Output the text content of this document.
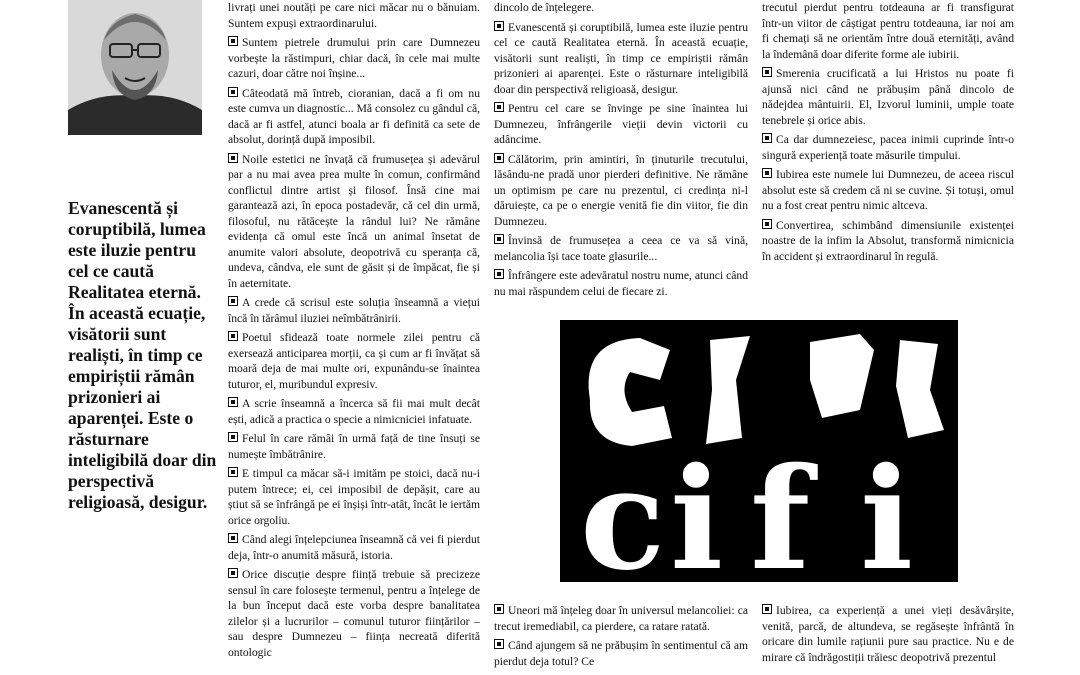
Evanescentă și coruptibilă, lumea este iluzie pentru cel ce caută Realitatea eternă. În această ecuație, visătorii sunt realiști, în timp ce empiriștii rămân prizonieri ai aparenței. Este o răsturnare inteligibilă doar din perspectivă religioasă, desigur.

livrați unei noutăți pe care nici măcar nu o bănuiam. Suntem expuși extraordinarului.

Suntem pietrele drumului prin care Dumnezeu vorbește la răstimpuri, chiar dacă, în cele mai multe cazuri, doar către noi înșine...

Câteodată mă întreb, cioranian, dacă a fi om nu este cumva un diagnostic... Mă consolez cu gândul că, dacă ar fi astfel, atunci boala ar fi definită ca sete de absolut, dorință după imposibil.

Noile estetici ne învață că frumusețea și adevărul par a nu mai avea prea multe în comun, confirmând conflictul dintre artist și filosof. Însă cine mai garantează azi, în epoca postadevăr, că cel din urmă, filosoful, nu rătăcește la rândul lui? Ne rămâne evidența că omul este încă un animal însetat de anumite valori absolute, deopotrivă cu speranța că, undeva, cândva, ele sunt de găsit și de împăcat, fie și în aeternitate.

A crede că scrisul este soluția înseamnă a viețui încă în tărâmul iluziei neîmbătrânirii.

Poetul sfidează toate normele zilei pentru că exersează anticiparea morții, ca și cum ar fi învățat să moară deja de mai multe ori, expunându-se înaintea tuturor, el, muribundul expresiv.

A scrie înseamnă a încerca să fii mai mult decât ești, adică a practica o specie a nimicniciei infatuate.

Felul în care rămâi în urmă față de tine însuți se numește îmbătrânire.

E timpul ca măcar să-i imităm pe stoici, dacă nu-i putem întrece; ei, cei imposibil de depășit, care au știut să se înfrângă pe ei înșiși într-atât, încât le iertăm orice orgoliu.

Când alegi înțelepciunea înseamnă că vei fi pierdut deja, într-o anumită măsură, istoria.

Orice discuție despre ființă trebuie să precizeze sensul în care folosește termenul, pentru a înțelege de la bun început dacă este vorba despre banalitatea zilelor și a lucrurilor – comunul tuturor ființărilor – sau despre Dumnezeu – ființa necreată diferită ontologic

dincolo de înțelegere.

Evanescentă și coruptibilă, lumea este iluzie pentru cel ce caută Realitatea eternă. În această ecuație, visătorii sunt realiști, în timp ce empiriștii rămân prizonieri ai aparenței. Este o răsturnare inteligibilă doar din perspectivă religioasă, desigur.

Pentru cel care se învinge pe sine înaintea lui Dumnezeu, înfrângerile vieții devin victorii cu adâncime.

Călătorim, prin amintiri, în ținuturile trecutului, lăsându-ne pradă unor pierderi definitive. Ne rămâne un optimism pe care nu prezentul, ci credința ni-l dăruiește, ca pe o energie venită fie din viitor, fie din Dumnezeu.

Învinsă de frumusețea a ceea ce va să vină, melancolia își tace toate glasurile...

Înfrângere este adevăratul nostru nume, atunci când nu mai răspundem celui de fiecare zi.

trecutul pierdut pentru totdeauna ar fi transfigurat într-un viitor de câștigat pentru totdeauna, iar noi am fi chemați să ne orientăm între două eternități, având la îndemână doar diferite forme ale iubirii.

Smerenia crucificată a lui Hristos nu poate fi ajunsă nici când ne prăbușim până dincolo de nădejdea mântuirii. El, Izvorul luminii, umple toate tenebrele și orice abis.

Ca dar dumnezeiesc, pacea inimii cuprinde într-o singură experiență toate măsurile timpului.

Iubirea este numele lui Dumnezeu, de aceea riscul absolut este să credem că ni se cuvine. Și totuși, omul nu a fost creat pentru nimic altceva.

Convertirea, schimbând dimensiunile existenței noastre de la infim la Absolut, transformă nimicnicia în accident și extraordinarul în regulă.

c i f i

Uneori mă înțeleg doar în universul melancoliei: ca trecut iremediabil, ca pierdere, ca ratare ratată.

Când ajungem să ne prăbușim în sentimentul că am pierdut deja totul? Ce

Iubirea, ca experiență a unei vieți desăvârșite, venită, parcă, de altundeva, se regăsește înfrântă în oricare din lumile rațiunii pure sau practice. Nu e de mirare că îndrăgostiții trăiesc deopotrivă prezentul
